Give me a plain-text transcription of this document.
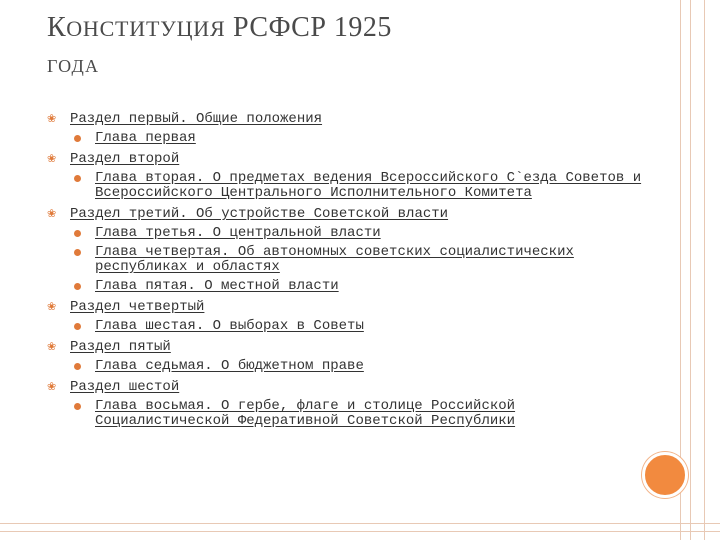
КОНСТИТУЦИЯ РСФСР 1925
ГОДА
❀ Раздел первый. Общие положения
Глава первая
❀ Раздел второй
Глава вторая. О предметах ведения Всероссийского С`езда Советов и Всероссийского Центрального Исполнительного Комитета
❀ Раздел третий. Об устройстве Советской власти
Глава третья. О центральной власти
Глава четвертая. Об автономных советских социалистических республиках и областях
Глава пятая. О местной власти
❀ Раздел четвертый
Глава шестая. О выборах в Советы
❀ Раздел пятый
Глава седьмая. О бюджетном праве
❀ Раздел шестой
Глава восьмая. О гербе, флаге и столице Российской Социалистической Федеративной Советской Республики
